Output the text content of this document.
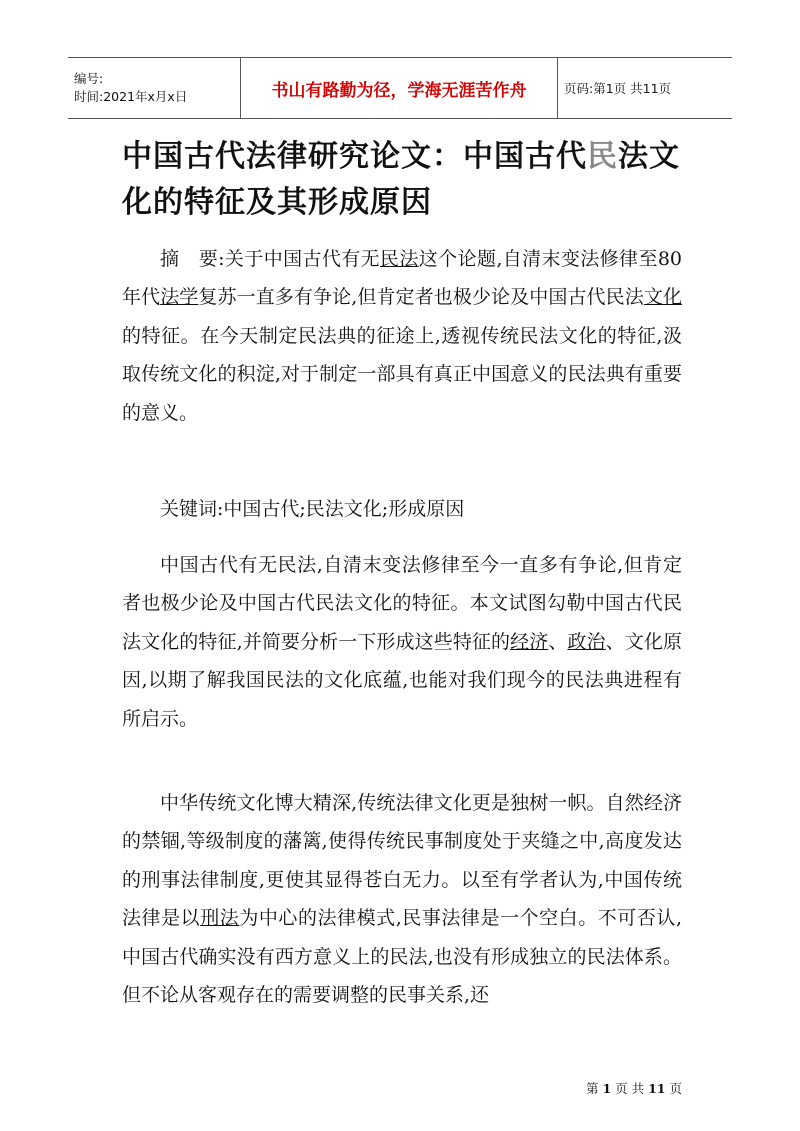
编号:
时间:2021年x月x日	书山有路勤为径，学海无涯苦作舟	页码:第1页 共11页
中国古代法律研究论文：中国古代民法文化的特征及其形成原因

摘　要:关于中国古代有无民法这个论题,自清末变法修律至80年代法学复苏一直多有争论,但肯定者也极少论及中国古代民法文化的特征。在今天制定民法典的征途上,透视传统民法文化的特征,汲取传统文化的积淀,对于制定一部具有真正中国意义的民法典有重要的意义。

关键词:中国古代;民法文化;形成原因

中国古代有无民法,自清末变法修律至今一直多有争论,但肯定者也极少论及中国古代民法文化的特征。本文试图勾勒中国古代民法文化的特征,并简要分析一下形成这些特征的经济、政治、文化原因,以期了解我国民法的文化底蕴,也能对我们现今的民法典进程有所启示。

中华传统文化博大精深,传统法律文化更是独树一帜。自然经济的禁锢,等级制度的藩篱,使得传统民事制度处于夹缝之中,高度发达的刑事法律制度,更使其显得苍白无力。以至有学者认为,中国传统法律是以刑法为中心的法律模式,民事法律是一个空白。不可否认,中国古代确实没有西方意义上的民法,也没有形成独立的民法体系。但不论从客观存在的需要调整的民事关系,还

第 1 页 共 11 页
